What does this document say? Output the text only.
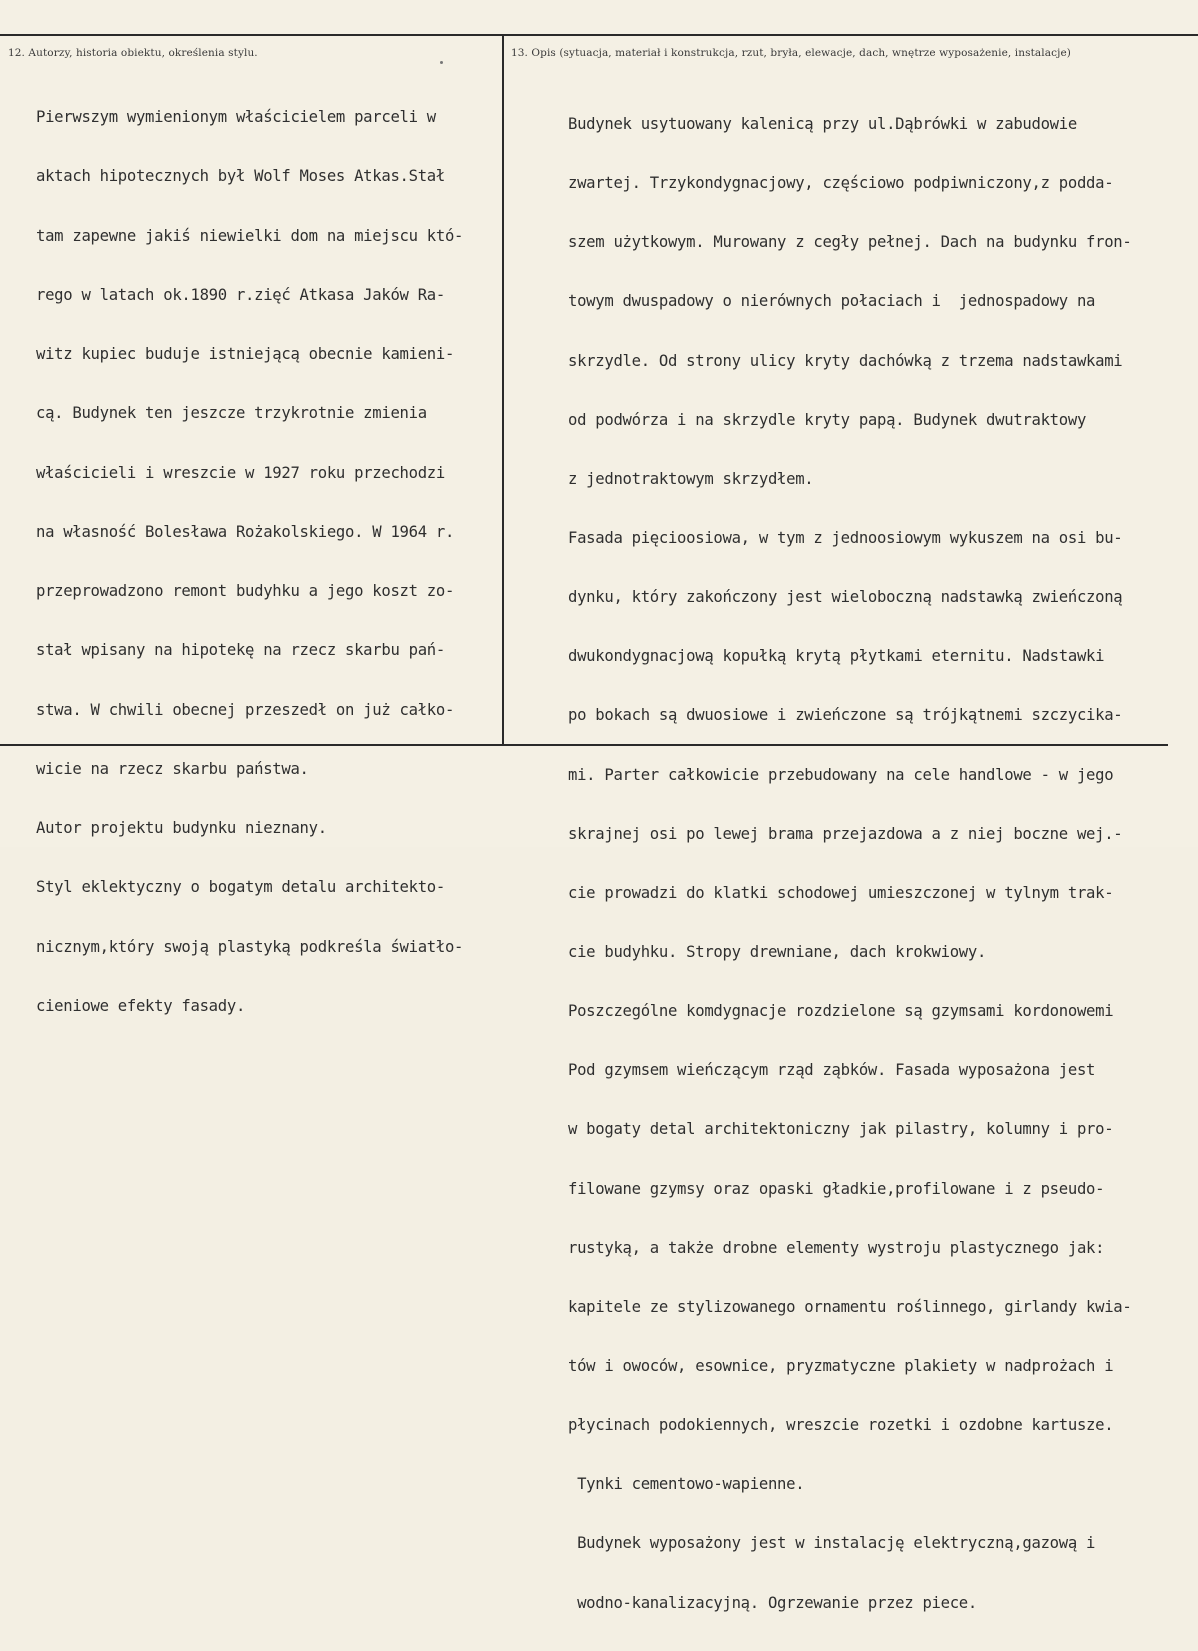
12. Autorzy, historia obiektu, określenia stylu.	13. Opis (sytuacja, materiał i konstrukcja, rzut, bryła, elewacje, dach, wnętrze wyposażenie, instalacje)

Pierwszym wymienionym właścicielem parceli w

aktach hipotecznych był Wolf Moses Atkas.Stał

tam zapewne jakiś niewielki dom na miejscu któ-

rego w latach ok.1890 r.zięć Atkasa Jaków Ra-

witz kupiec buduje istniejącą obecnie kamieni-

cą. Budynek ten jeszcze trzykrotnie zmienia

właścicieli i wreszcie w 1927 roku przechodzi

na własność Bolesława Rożakolskiego. W 1964 r.

przeprowadzono remont budyhku a jego koszt zo-

stał wpisany na hipotekę na rzecz skarbu pań-

stwa. W chwili obecnej przeszedł on już całko-

wicie na rzecz skarbu państwa.

Autor projektu budynku nieznany.

Styl eklektyczny o bogatym detalu architekto-

nicznym,który swoją plastyką podkreśla światło-

cieniowe efekty fasady.

Budynek usytuowany kalenicą przy ul.Dąbrówki w zabudowie

zwartej. Trzykondygnacjowy, częściowo podpiwniczony,z podda-

szem użytkowym. Murowany z cegły pełnej. Dach na budynku fron-

towym dwuspadowy o nierównych połaciach i  jednospadowy na

skrzydle. Od strony ulicy kryty dachówką z trzema nadstawkami

od podwórza i na skrzydle kryty papą. Budynek dwutraktowy

z jednotraktowym skrzydłem.

Fasada pięcioosiowa, w tym z jednoosiowym wykuszem na osi bu-

dynku, który zakończony jest wieloboczną nadstawką zwieńczoną

dwukondygnacjową kopułką krytą płytkami eternitu. Nadstawki

po bokach są dwuosiowe i zwieńczone są trójkątnemi szczycika-

mi. Parter całkowicie przebudowany na cele handlowe - w jego

skrajnej osi po lewej brama przejazdowa a z niej boczne wej.-

cie prowadzi do klatki schodowej umieszczonej w tylnym trak-

cie budyhku. Stropy drewniane, dach krokwiowy.

Poszczególne komdygnacje rozdzielone są gzymsami kordonowemi

Pod gzymsem wieńczącym rząd ząbków. Fasada wyposażona jest

w bogaty detal architektoniczny jak pilastry, kolumny i pro-

filowane gzymsy oraz opaski gładkie,profilowane i z pseudo-

rustyką, a także drobne elementy wystroju plastycznego jak:

kapitele ze stylizowanego ornamentu roślinnego, girlandy kwia-

tów i owoców, esownice, pryzmatyczne plakiety w nadprożach i

płycinach podokiennych, wreszcie rozetki i ozdobne kartusze.

Tynki cementowo-wapienne.

Budynek wyposażony jest w instalację elektryczną,gazową i

wodno-kanalizacyjną. Ogrzewanie przez piece.
